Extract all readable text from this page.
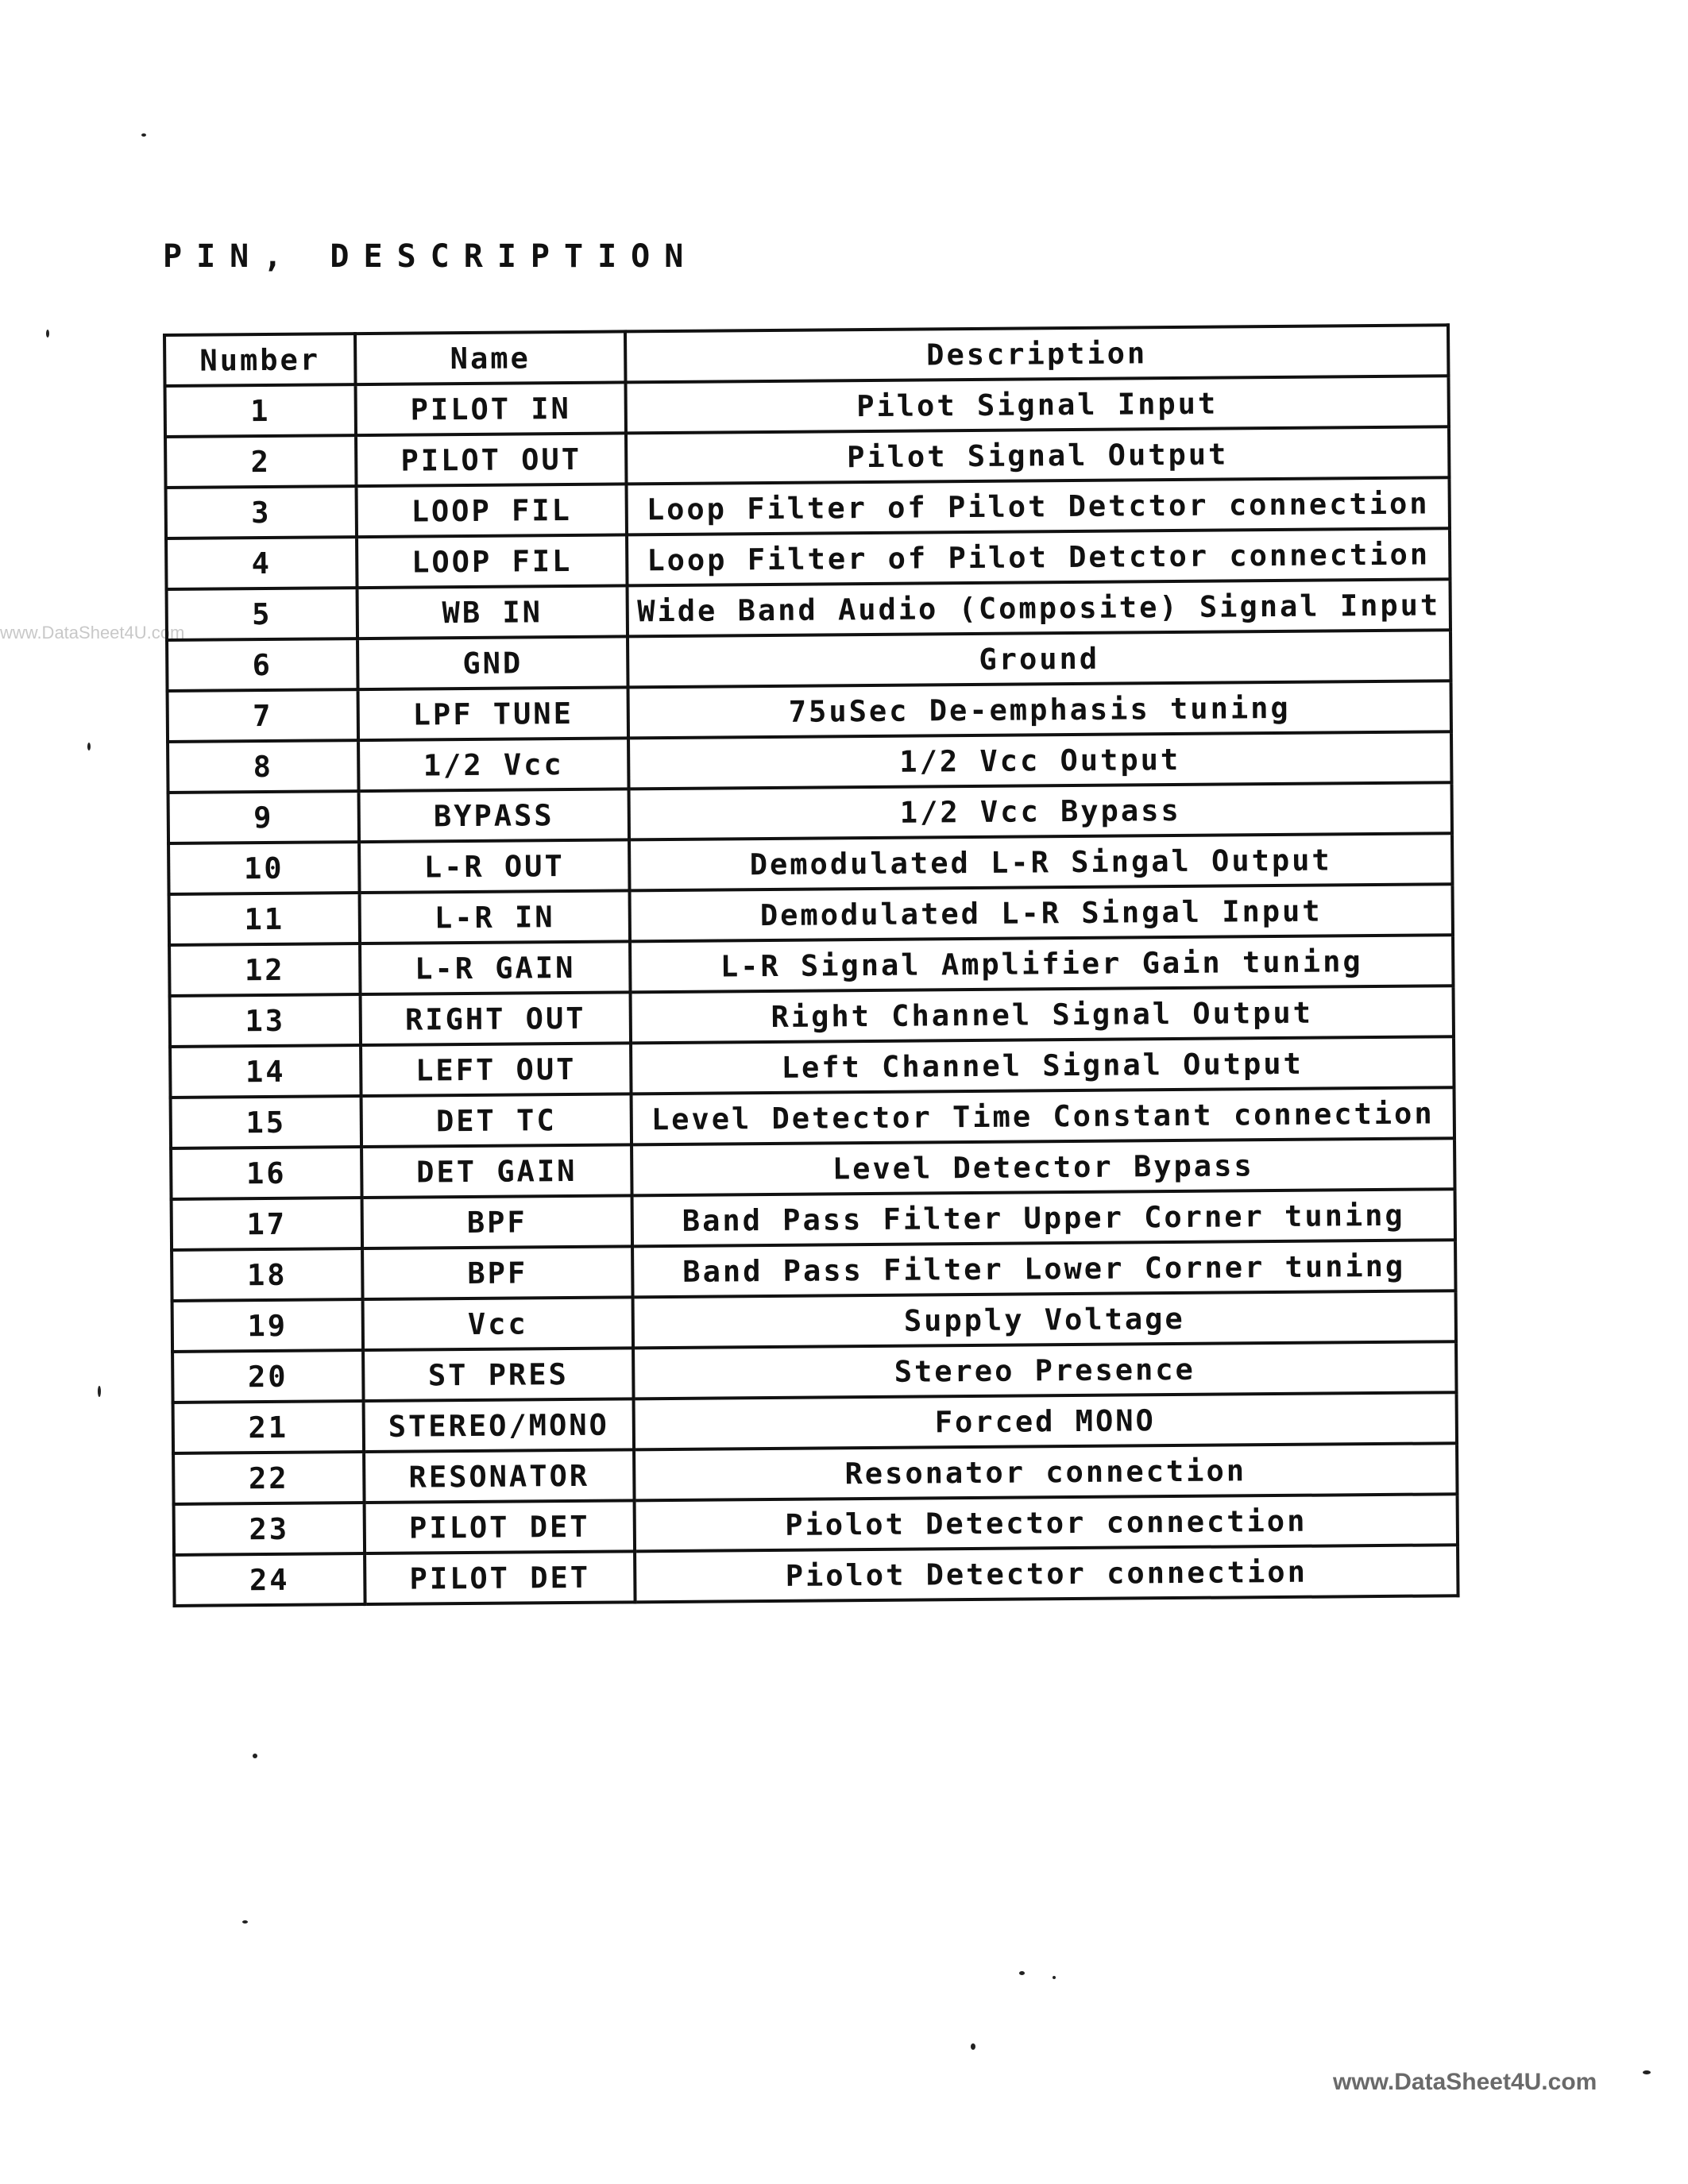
PIN, DESCRIPTION
www.DataSheet4U.com
Number	Name	Description
1	PILOT IN	Pilot Signal Input
2	PILOT OUT	Pilot Signal Output
3	LOOP FIL	Loop Filter of Pilot Detctor connection
4	LOOP FIL	Loop Filter of Pilot Detctor connection
5	WB IN	Wide Band Audio (Composite) Signal Input
6	GND	Ground
7	LPF TUNE	75uSec De-emphasis tuning
8	1/2 Vcc	1/2 Vcc Output
9	BYPASS	1/2 Vcc Bypass
10	L-R OUT	Demodulated L-R Singal Output
11	L-R IN	Demodulated L-R Singal Input
12	L-R GAIN	L-R Signal Amplifier Gain tuning
13	RIGHT OUT	Right Channel Signal Output
14	LEFT OUT	Left Channel Signal Output
15	DET TC	Level Detector Time Constant connection
16	DET GAIN	Level Detector Bypass
17	BPF	Band Pass Filter Upper Corner tuning
18	BPF	Band Pass Filter Lower Corner tuning
19	Vcc	Supply Voltage
20	ST PRES	Stereo Presence
21	STEREO/MONO	Forced MONO
22	RESONATOR	Resonator connection
23	PILOT DET	Piolot Detector connection
24	PILOT DET	Piolot Detector connection
www.DataSheet4U.com
